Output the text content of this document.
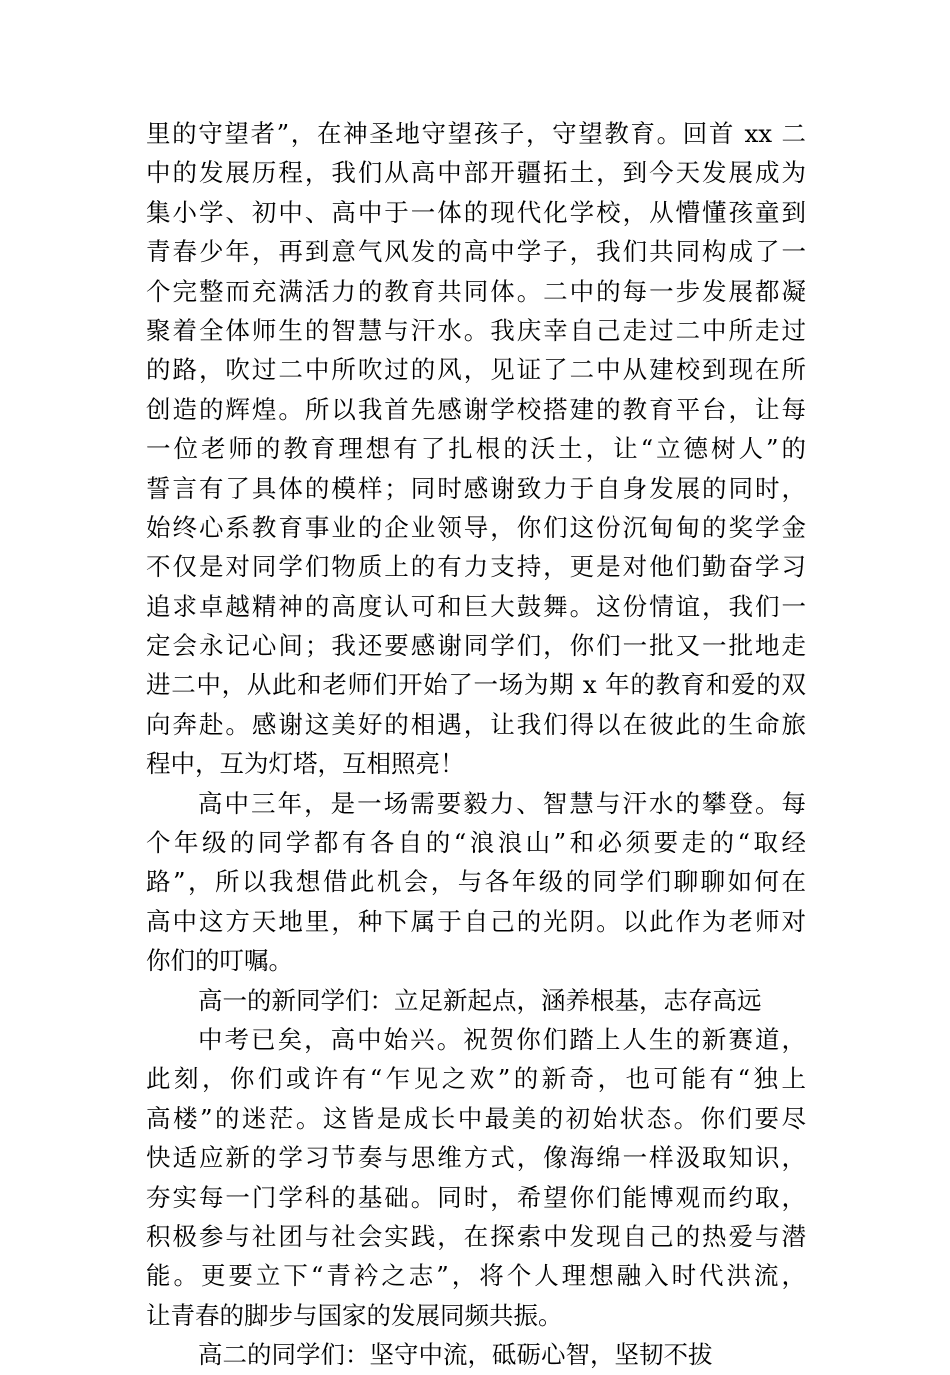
里的守望者”，在神圣地守望孩子，守望教育。回首 xx 二
中的发展历程，我们从高中部开疆拓土，到今天发展成为
集小学、初中、高中于一体的现代化学校，从懵懂孩童到
青春少年，再到意气风发的高中学子，我们共同构成了一
个完整而充满活力的教育共同体。二中的每一步发展都凝
聚着全体师生的智慧与汗水。我庆幸自己走过二中所走过
的路，吹过二中所吹过的风，见证了二中从建校到现在所
创造的辉煌。所以我首先感谢学校搭建的教育平台，让每
一位老师的教育理想有了扎根的沃土，让“立德树人”的
誓言有了具体的模样；同时感谢致力于自身发展的同时，
始终心系教育事业的企业领导，你们这份沉甸甸的奖学金
不仅是对同学们物质上的有力支持，更是对他们勤奋学习
追求卓越精神的高度认可和巨大鼓舞。这份情谊，我们一
定会永记心间；我还要感谢同学们，你们一批又一批地走
进二中，从此和老师们开始了一场为期 x 年的教育和爱的双
向奔赴。感谢这美好的相遇，让我们得以在彼此的生命旅
程中，互为灯塔，互相照亮！
高中三年，是一场需要毅力、智慧与汗水的攀登。每
个年级的同学都有各自的“浪浪山”和必须要走的“取经
路”，所以我想借此机会，与各年级的同学们聊聊如何在
高中这方天地里，种下属于自己的光阴。以此作为老师对
你们的叮嘱。
高一的新同学们：立足新起点，涵养根基，志存高远
中考已矣，高中始兴。祝贺你们踏上人生的新赛道，
此刻，你们或许有“乍见之欢”的新奇，也可能有“独上
高楼”的迷茫。这皆是成长中最美的初始状态。你们要尽
快适应新的学习节奏与思维方式，像海绵一样汲取知识，
夯实每一门学科的基础。同时，希望你们能博观而约取，
积极参与社团与社会实践，在探索中发现自己的热爱与潜
能。更要立下“青衿之志”，将个人理想融入时代洪流，
让青春的脚步与国家的发展同频共振。
高二的同学们：坚守中流，砥砺心智，坚韧不拔
